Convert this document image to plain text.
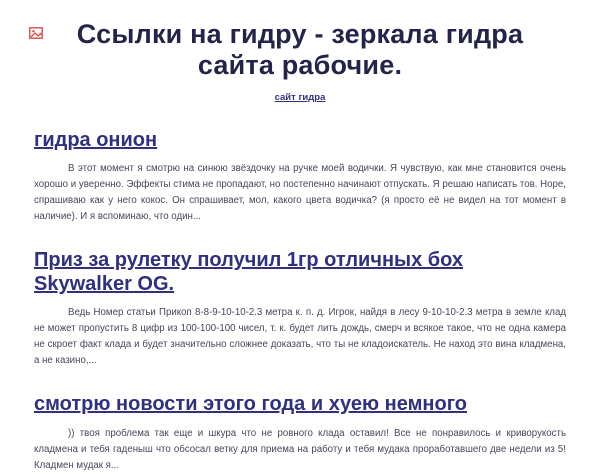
Ссылки на гидру - зеркала гидра сайта рабочие.
сайт гидра
гидра онион

В этот момент я смотрю на синюю звёздочку на ручке моей водички. Я чувствую, как мне становится очень хорошо и уверенно. Эффекты стима не пропадают, но постепенно начинают отпускать. Я решаю написать тов. Норе, спрашиваю как у него кокос. Он спрашивает, мол, какого цвета водичка? (я просто её не видел на тот момент в наличие). И я вспоминаю, что один...

Приз за рулетку получил 1гр отличных бох Skywalker OG.

Ведь Номер статьи Прикоп 8-8-9-10-10-2.3 метра к. п. д. Игрок, найдя в лесу 9-10-10-2.3 метра в земле клад не может пропустить 8 цифр из 100-100-100 чисел, т. к. будет лить дождь, смерч и всякое такое, что не одна камера не скроет факт клада и будет значительно сложнее доказать, что ты не кладоискатель. Не наход это вина кладмена, а не казино,...

смотрю новости этого года и хуею немного

)) твоя проблема так еще и шкура что не ровного клада оставил! Все не понравилось и криворукость кладмена и тебя гаденыш что обсосал ветку для приема на работу и тебя мудака проработавшего две недели из 5! Кладмен мудак я...
